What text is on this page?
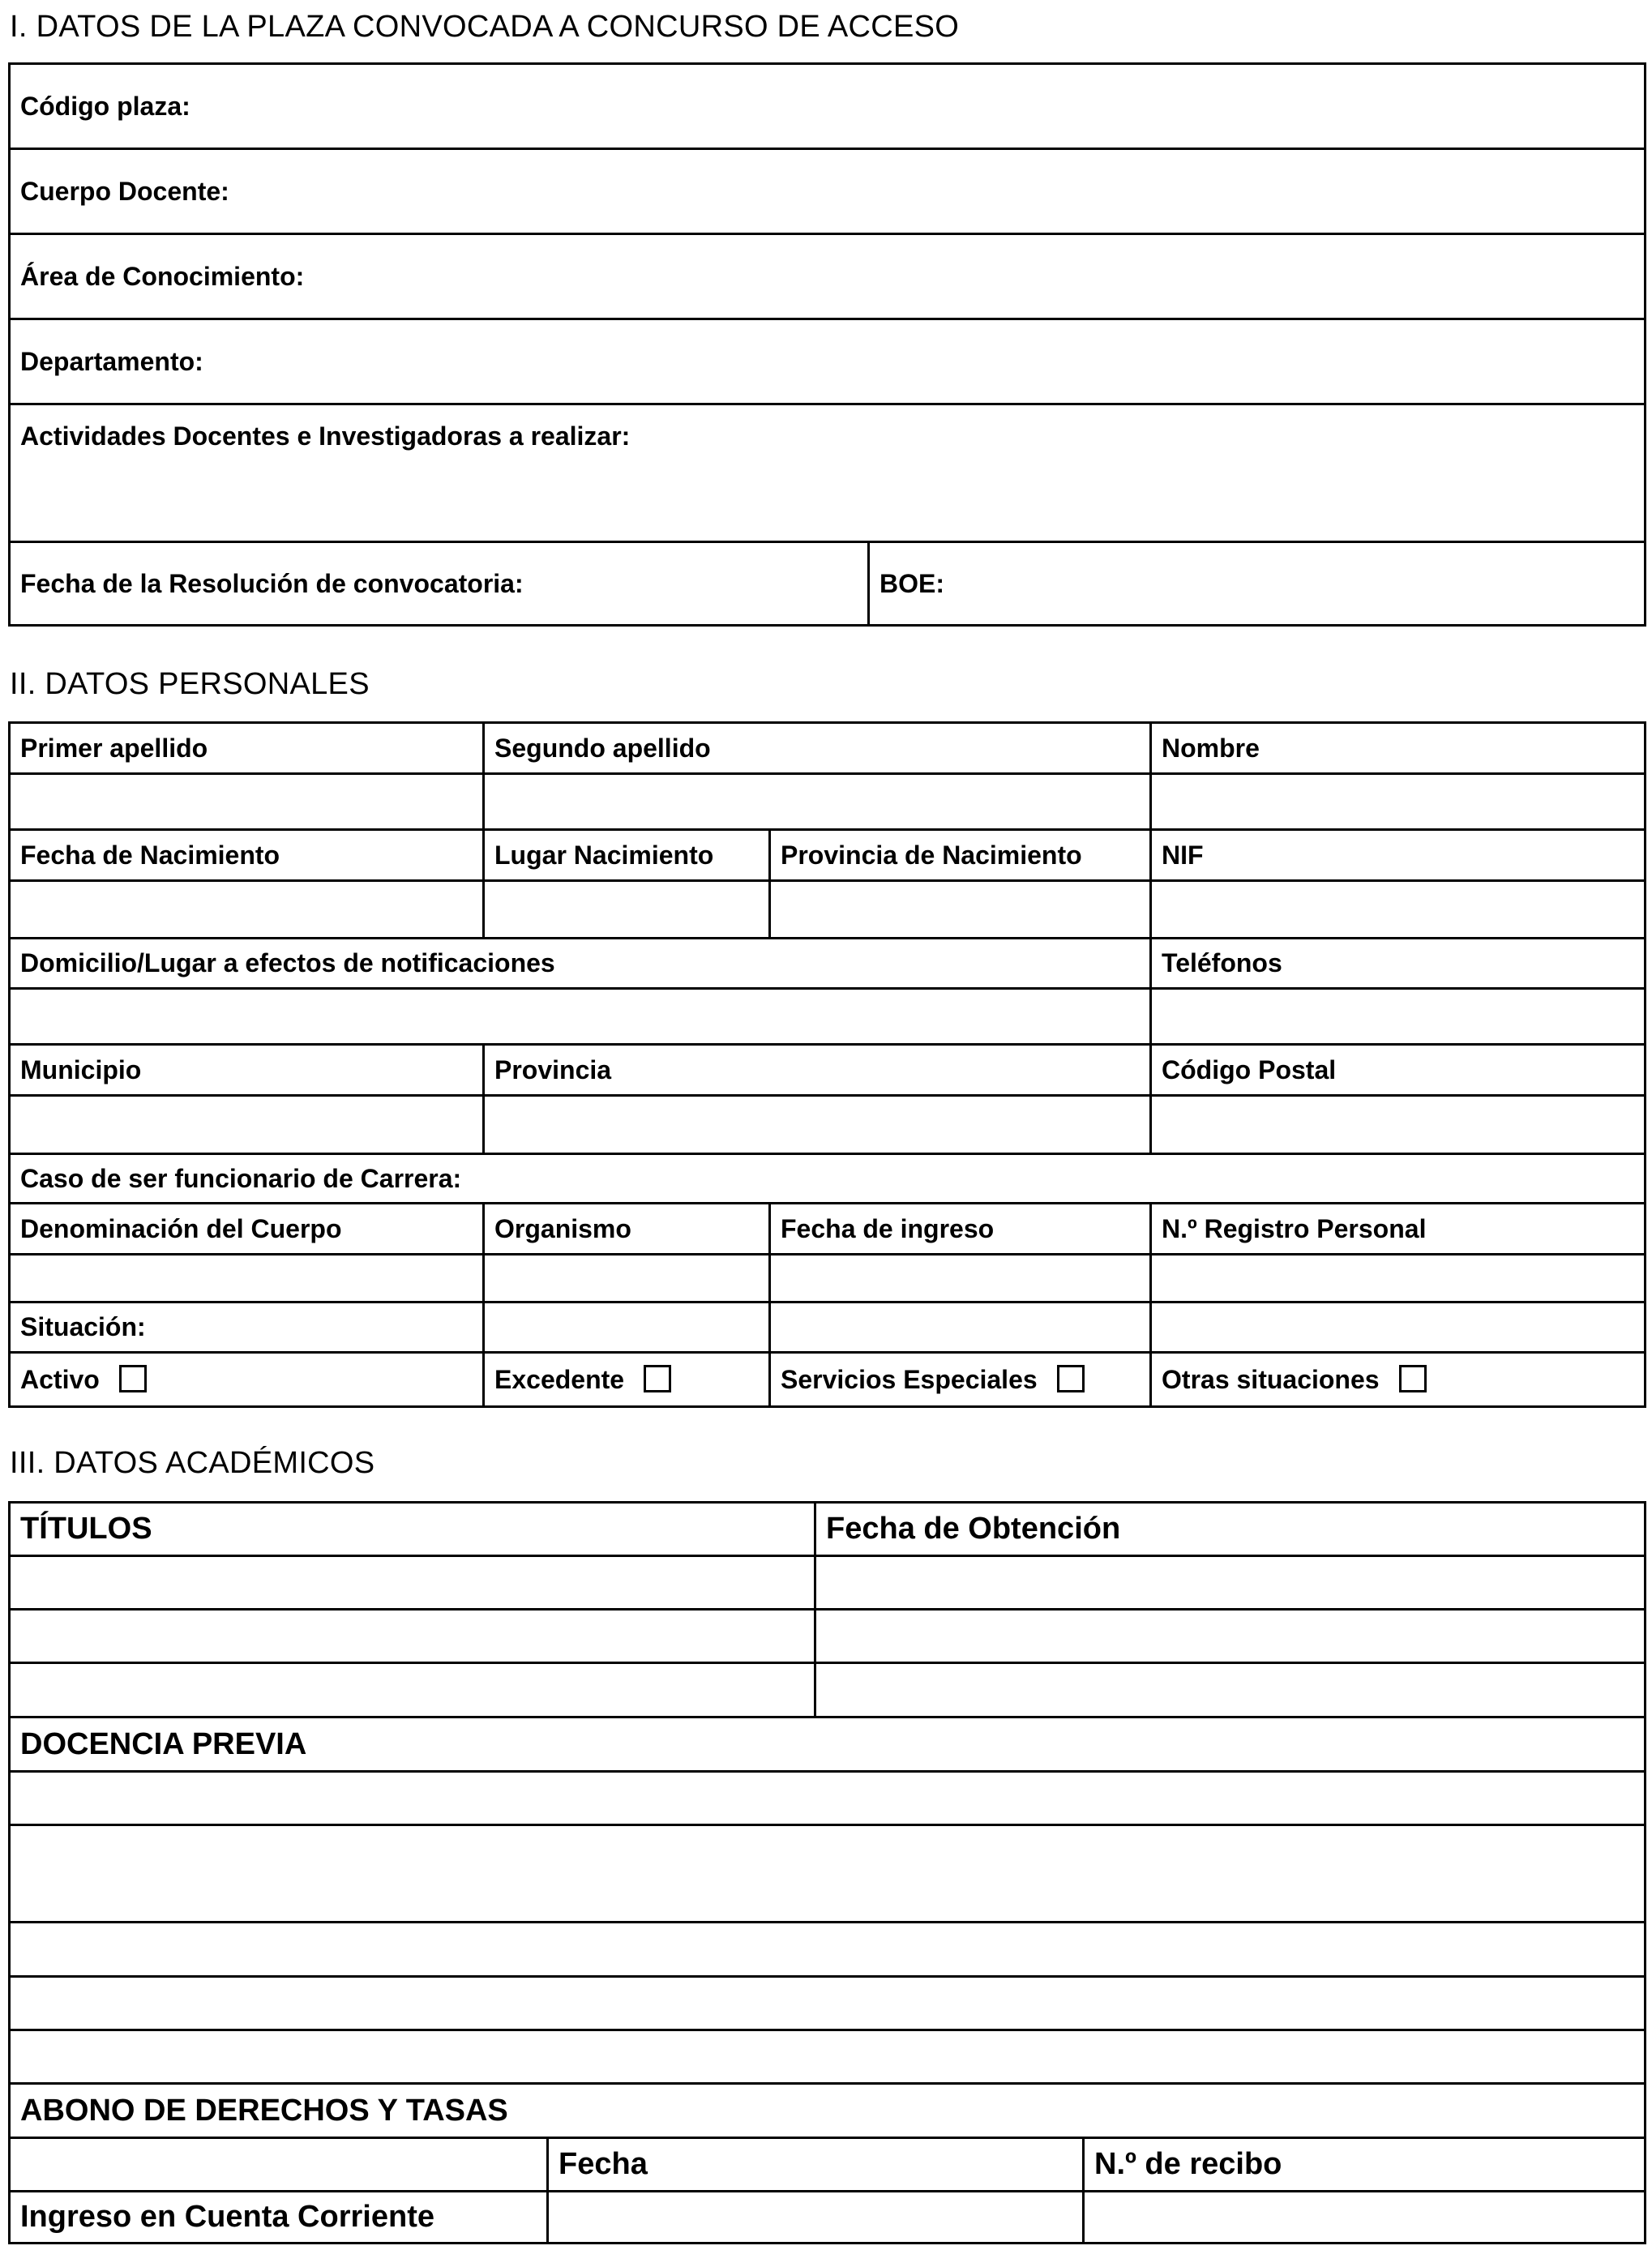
I. DATOS DE LA PLAZA CONVOCADA A CONCURSO DE ACCESO
Código plaza:
Cuerpo Docente:
Área de Conocimiento:
Departamento:
Actividades Docentes e Investigadoras a realizar:
Fecha de la Resolución de convocatoria:	BOE:
II. DATOS PERSONALES
Primer apellido	Segundo apellido		Nombre

Fecha de Nacimiento	Lugar Nacimiento	Provincia de Nacimiento	NIF

Domicilio/Lugar a efectos de notificaciones			Teléfonos

Municipio	Provincia		Código Postal

Caso de ser funcionario de Carrera:			
Denominación del Cuerpo	Organismo	Fecha de ingreso	N.º Registro Personal

Situación:			
Activo	Excedente	Servicios Especiales	Otras situaciones
III. DATOS ACADÉMICOS
TÍTULOS	Fecha de Obtención

DOCENCIA PREVIA

ABONO DE DERECHOS Y TASAS		
	Fecha	N.º de recibo
Ingreso en Cuenta Corriente		
